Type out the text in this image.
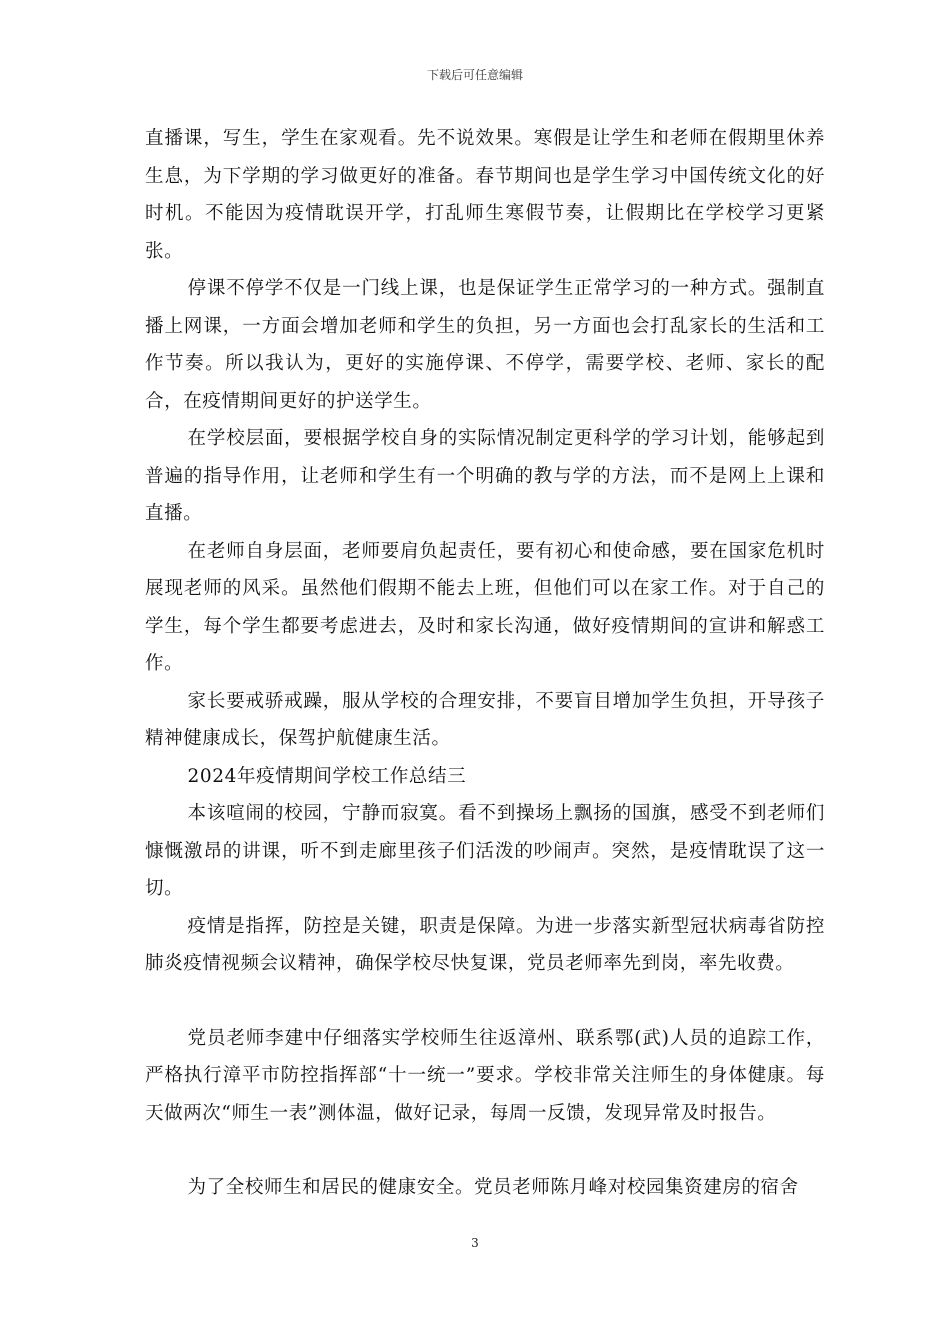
下载后可任意编辑

直播课，写生，学生在家观看。先不说效果。寒假是让学生和老师在假期里休养生息，为下学期的学习做更好的准备。春节期间也是学生学习中国传统文化的好时机。不能因为疫情耽误开学，打乱师生寒假节奏，让假期比在学校学习更紧张。

停课不停学不仅是一门线上课，也是保证学生正常学习的一种方式。强制直播上网课，一方面会增加老师和学生的负担，另一方面也会打乱家长的生活和工作节奏。所以我认为，更好的实施停课、不停学，需要学校、老师、家长的配合，在疫情期间更好的护送学生。

在学校层面，要根据学校自身的实际情况制定更科学的学习计划，能够起到普遍的指导作用，让老师和学生有一个明确的教与学的方法，而不是网上上课和直播。

在老师自身层面，老师要肩负起责任，要有初心和使命感，要在国家危机时展现老师的风采。虽然他们假期不能去上班，但他们可以在家工作。对于自己的学生，每个学生都要考虑进去，及时和家长沟通，做好疫情期间的宣讲和解惑工作。

家长要戒骄戒躁，服从学校的合理安排，不要盲目增加学生负担，开导孩子精神健康成长，保驾护航健康生活。

2024年疫情期间学校工作总结三

本该喧闹的校园，宁静而寂寞。看不到操场上飘扬的国旗，感受不到老师们慷慨激昂的讲课，听不到走廊里孩子们活泼的吵闹声。突然，是疫情耽误了这一切。

疫情是指挥，防控是关键，职责是保障。为进一步落实新型冠状病毒省防控肺炎疫情视频会议精神，确保学校尽快复课，党员老师率先到岗，率先收费。

党员老师李建中仔细落实学校师生往返漳州、联系鄂(武)人员的追踪工作，严格执行漳平市防控指挥部“十一统一”要求。学校非常关注师生的身体健康。每天做两次“师生一表”测体温，做好记录，每周一反馈，发现异常及时报告。

为了全校师生和居民的健康安全。党员老师陈月峰对校园集资建房的宿舍

3
